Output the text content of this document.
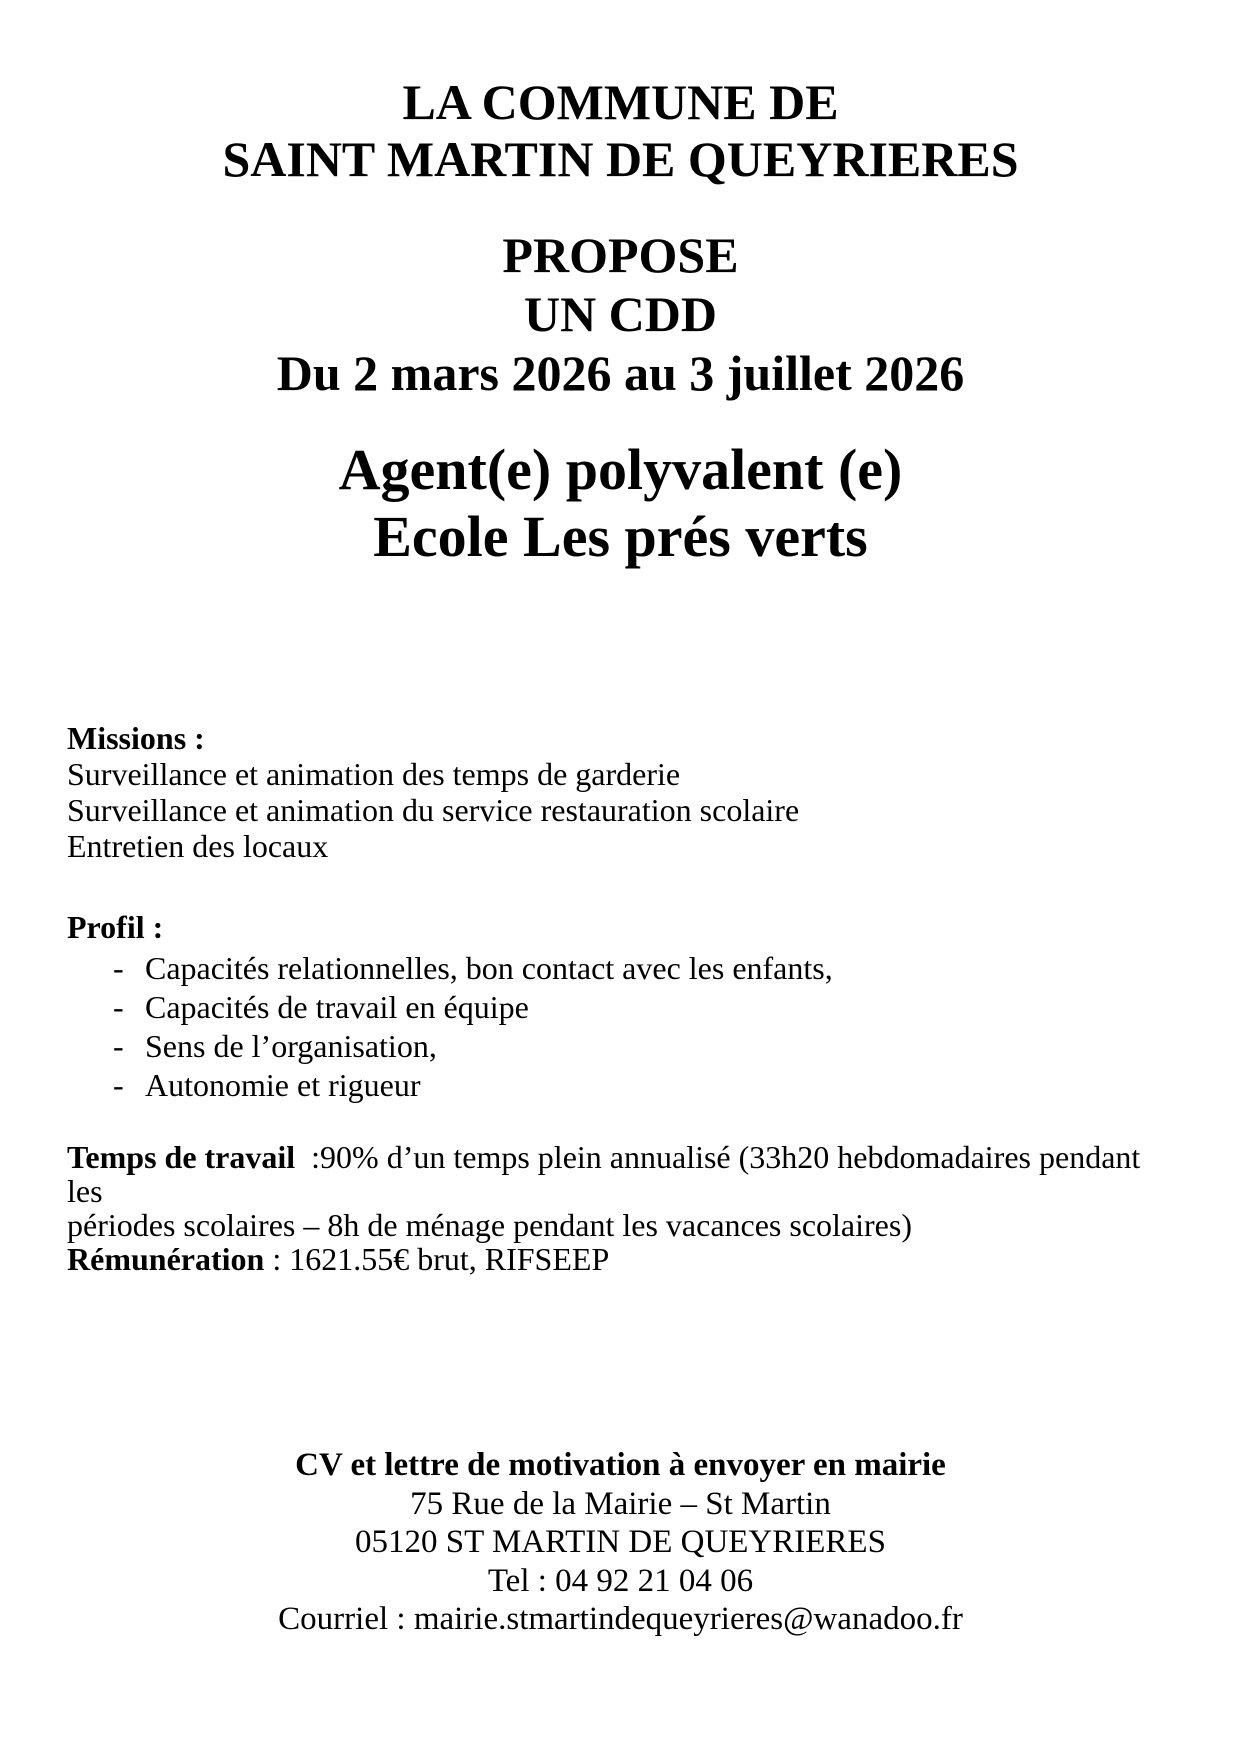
LA COMMUNE DE
SAINT MARTIN DE QUEYRIERES
PROPOSE
UN CDD
Du 2 mars 2026 au 3 juillet 2026
Agent(e) polyvalent (e)
Ecole Les prés verts
Missions :
Surveillance et animation des temps de garderie
Surveillance et animation du service restauration scolaire
Entretien des locaux
Profil :
- Capacités relationnelles, bon contact avec les enfants,
- Capacités de travail en équipe
- Sens de l’organisation,
- Autonomie et rigueur

Temps de travail  :90% d’un temps plein annualisé (33h20 hebdomadaires pendant les
périodes scolaires – 8h de ménage pendant les vacances scolaires)
Rémunération : 1621.55€ brut, RIFSEEP

CV et lettre de motivation à envoyer en mairie
75 Rue de la Mairie – St Martin
05120 ST MARTIN DE QUEYRIERES
Tel : 04 92 21 04 06
Courriel : mairie.stmartindequeyrieres@wanadoo.fr
